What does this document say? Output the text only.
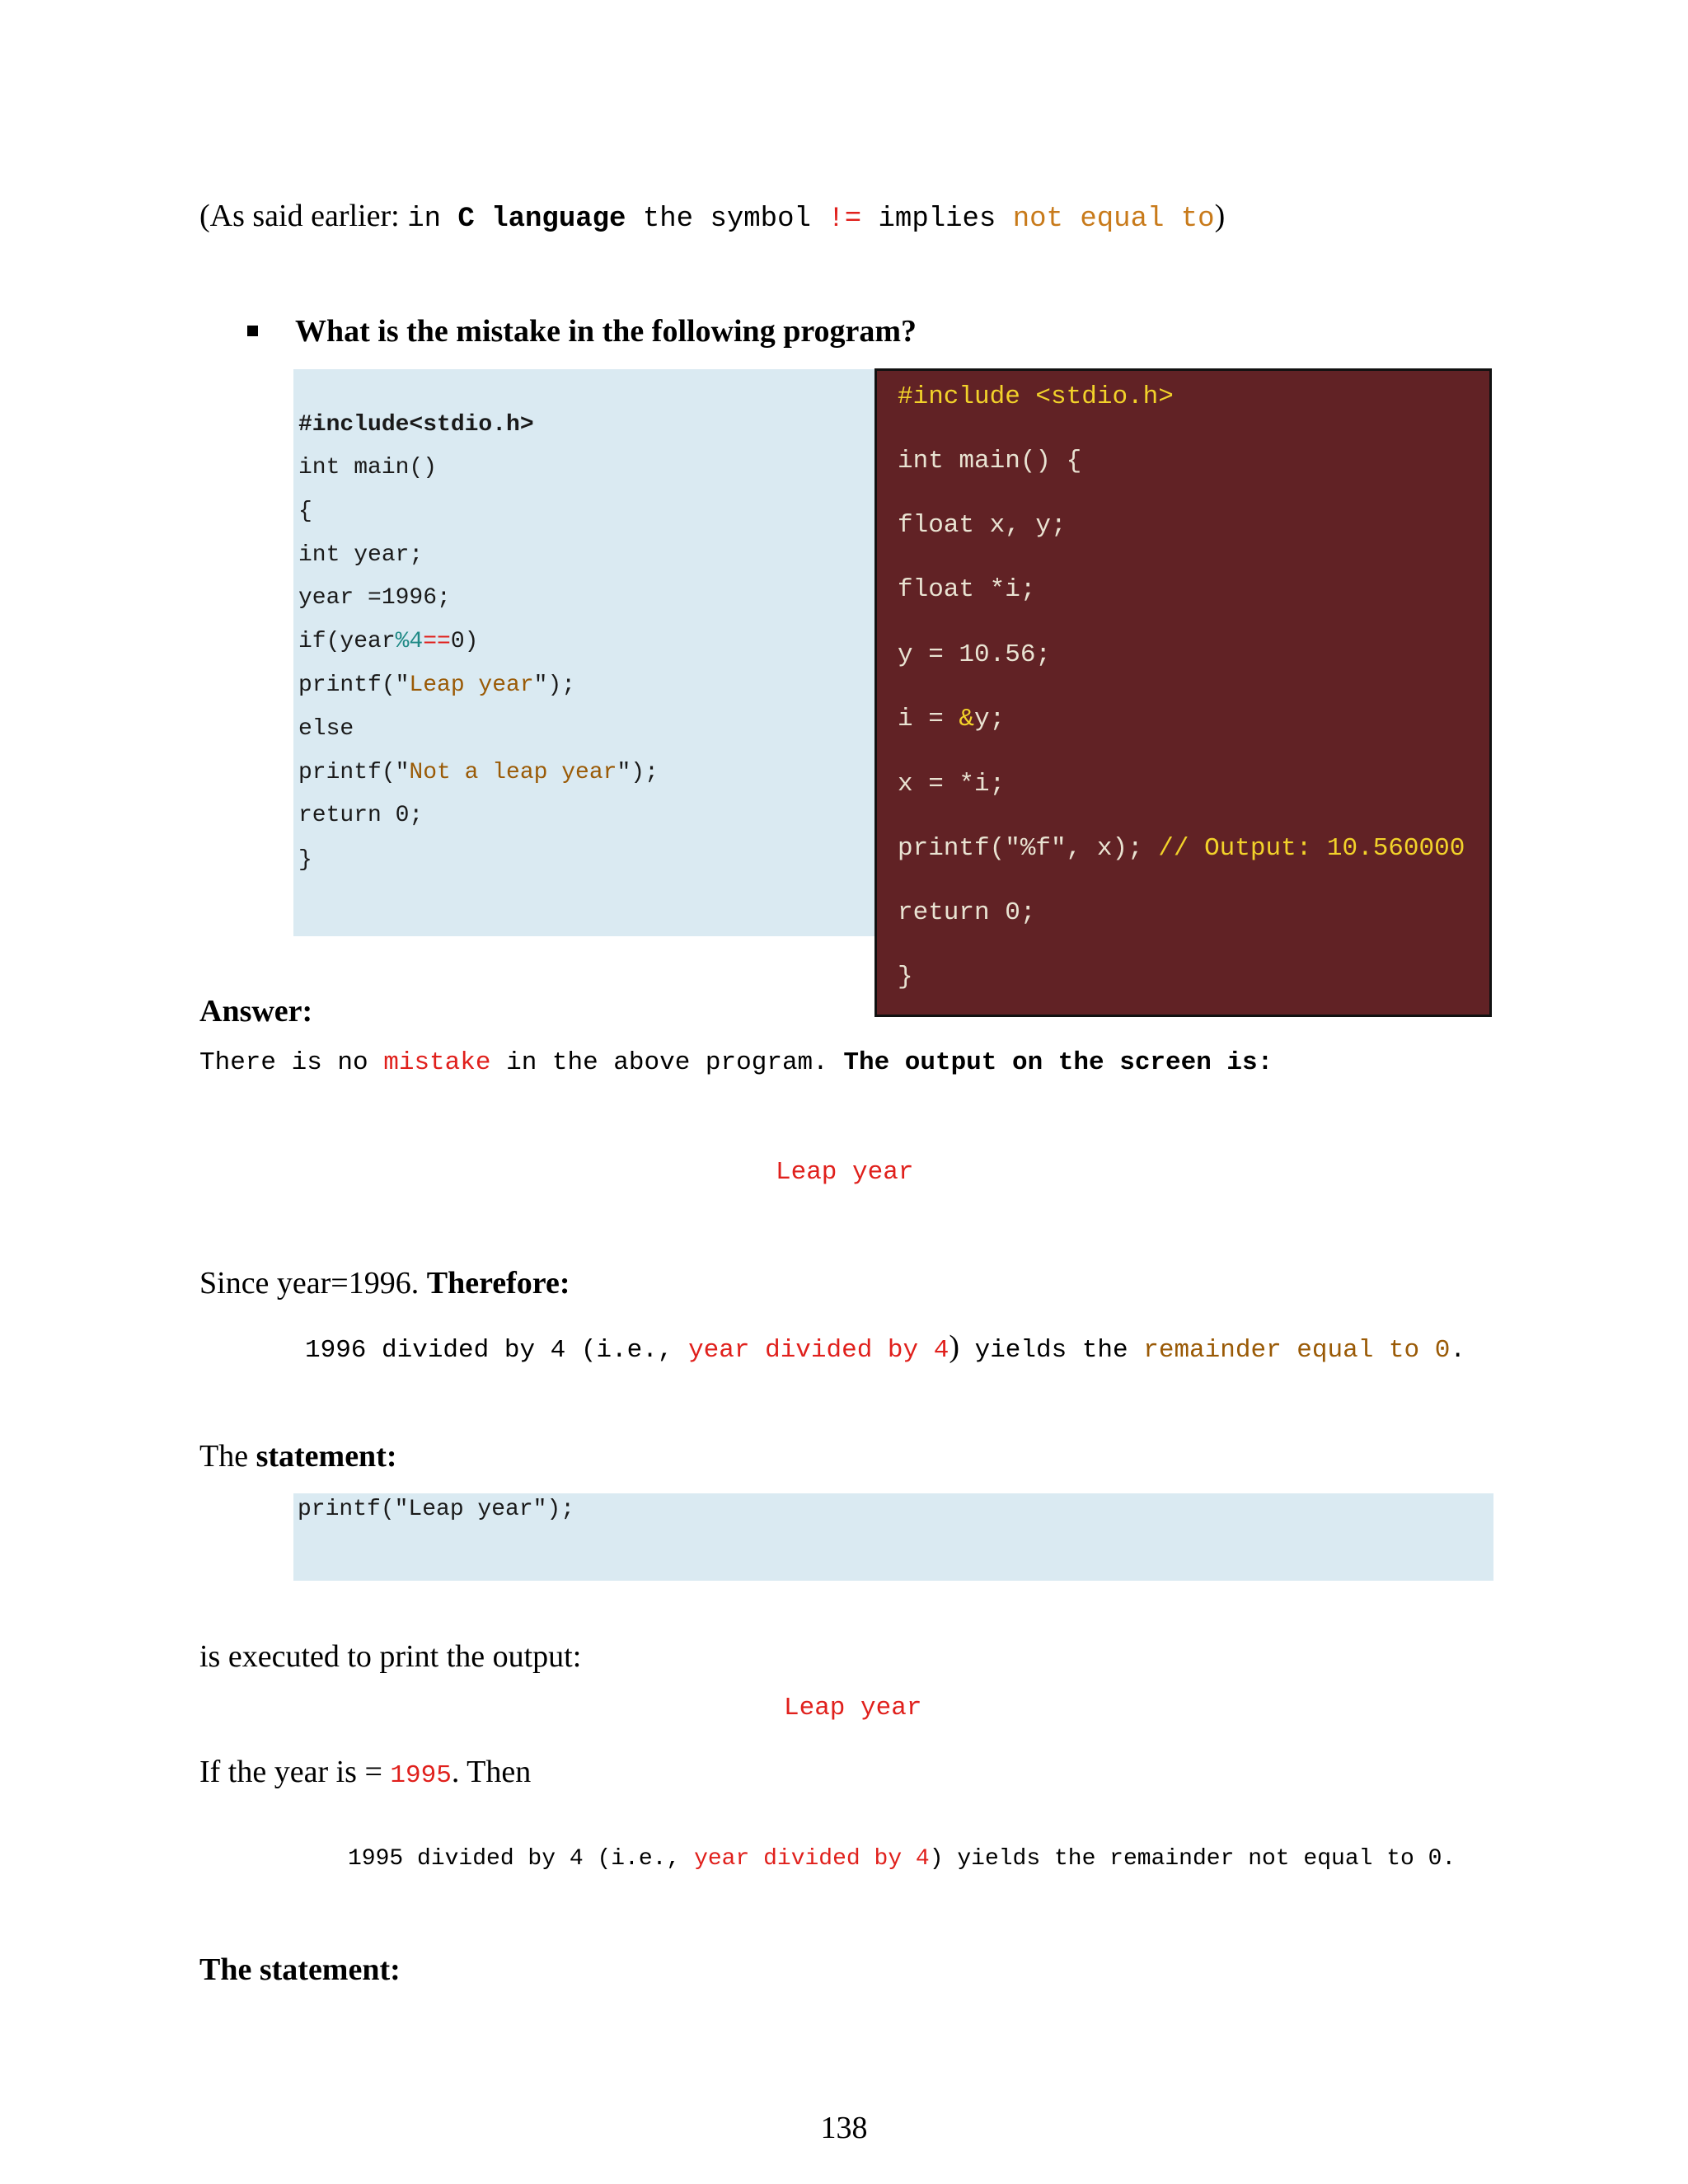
(As said earlier: in C language the symbol != implies not equal to)
What is the mistake in the following program?
#include<stdio.h>
int main()
{
int year;
year =1996;
if(year%4==0)
printf("Leap year");
else
printf("Not a leap year");
return 0;
}
#include <stdio.h>
int main() {
float x, y;
float *i;
y = 10.56;
i = &y;
x = *i;
printf("%f", x); // Output: 10.560000
return 0;
}
Answer:
There is no mistake in the above program. The output on the screen is:
Leap year
Since year=1996. Therefore:
1996 divided by 4 (i.e., year divided by 4) yields the remainder equal to 0.
The statement:
printf("Leap year");
is executed to print the output:
Leap year
If the year is = 1995. Then
1995 divided by 4 (i.e., year divided by 4) yields the remainder not equal to 0.
The statement:
138
